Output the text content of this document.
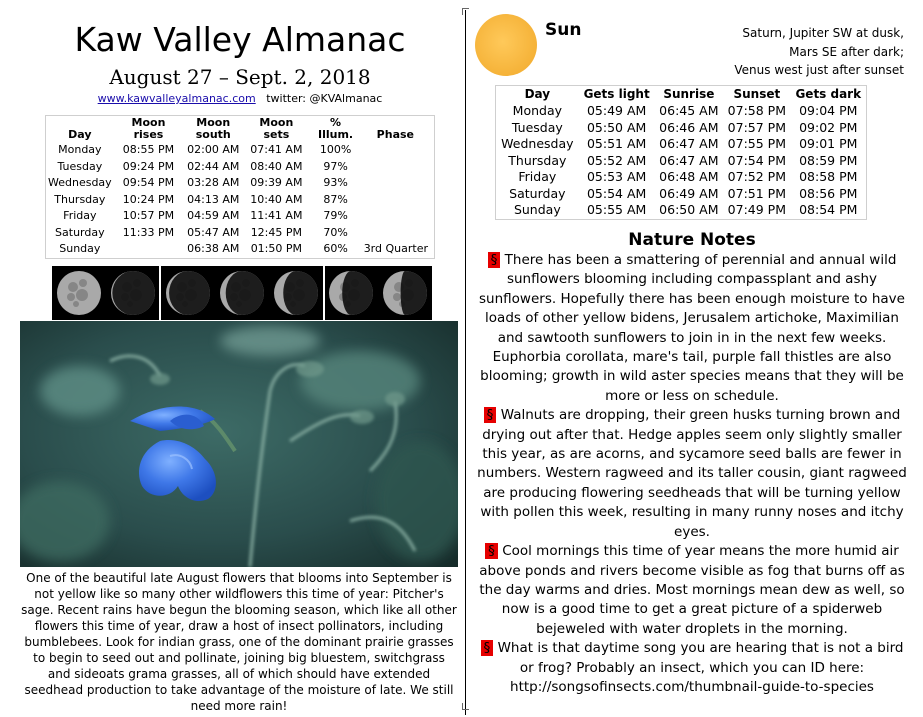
Kaw Valley Almanac
August 27 – Sept. 2, 2018
www.kawvalleyalmanac.com twitter: @KVAlmanac
Day	Moon rises	Moon south	Moon sets	% Illum.	Phase
Monday	08:55 PM	02:00 AM	07:41 AM	100%	
Tuesday	09:24 PM	02:44 AM	08:40 AM	97%	
Wednesday	09:54 PM	03:28 AM	09:39 AM	93%	
Thursday	10:24 PM	04:13 AM	10:40 AM	87%	
Friday	10:57 PM	04:59 AM	11:41 AM	79%	
Saturday	11:33 PM	05:47 AM	12:45 PM	70%	
Sunday		06:38 AM	01:50 PM	60%	3rd Quarter
One of the beautiful late August flowers that blooms into September is not yellow like so many other wildflowers this time of year: Pitcher's sage. Recent rains have begun the blooming season, which like all other flowers this time of year, draw a host of insect pollinators, including bumblebees. Look for indian grass, one of the dominant prairie grasses to begin to seed out and pollinate, joining big bluestem, switchgrass and sideoats grama grasses, all of which should have extended seedhead production to take advantage of the moisture of late. We still need more rain!
Sun	Saturn, Jupiter SW at dusk,
Mars SE after dark;
Venus west just after sunset
Day	Gets light	Sunrise	Sunset	Gets dark
Monday	05:49 AM	06:45 AM	07:58 PM	09:04 PM
Tuesday	05:50 AM	06:46 AM	07:57 PM	09:02 PM
Wednesday	05:51 AM	06:47 AM	07:55 PM	09:01 PM
Thursday	05:52 AM	06:47 AM	07:54 PM	08:59 PM
Friday	05:53 AM	06:48 AM	07:52 PM	08:58 PM
Saturday	05:54 AM	06:49 AM	07:51 PM	08:56 PM
Sunday	05:55 AM	06:50 AM	07:49 PM	08:54 PM
Nature Notes

§ There has been a smattering of perennial and annual wild sunflowers blooming including compassplant and ashy sunflowers. Hopefully there has been enough moisture to have loads of other yellow bidens, Jerusalem artichoke, Maximilian and sawtooth sunflowers to join in in the next few weeks. Euphorbia corollata, mare's tail, purple fall thistles are also blooming; growth in wild aster species means that they will be more or less on schedule.

§ Walnuts are dropping, their green husks turning brown and drying out after that. Hedge apples seem only slightly smaller this year, as are acorns, and sycamore seed balls are fewer in numbers. Western ragweed and its taller cousin, giant ragweed are producing flowering seedheads that will be turning yellow with pollen this week, resulting in many runny noses and itchy eyes.

§ Cool mornings this time of year means the more humid air above ponds and rivers become visible as fog that burns off as the day warms and dries. Most mornings mean dew as well, so now is a good time to get a great picture of a spiderweb bejeweled with water droplets in the morning.

§ What is that daytime song you are hearing that is not a bird or frog? Probably an insect, which you can ID here:
http://songsofinsects.com/thumbnail-guide-to-species
